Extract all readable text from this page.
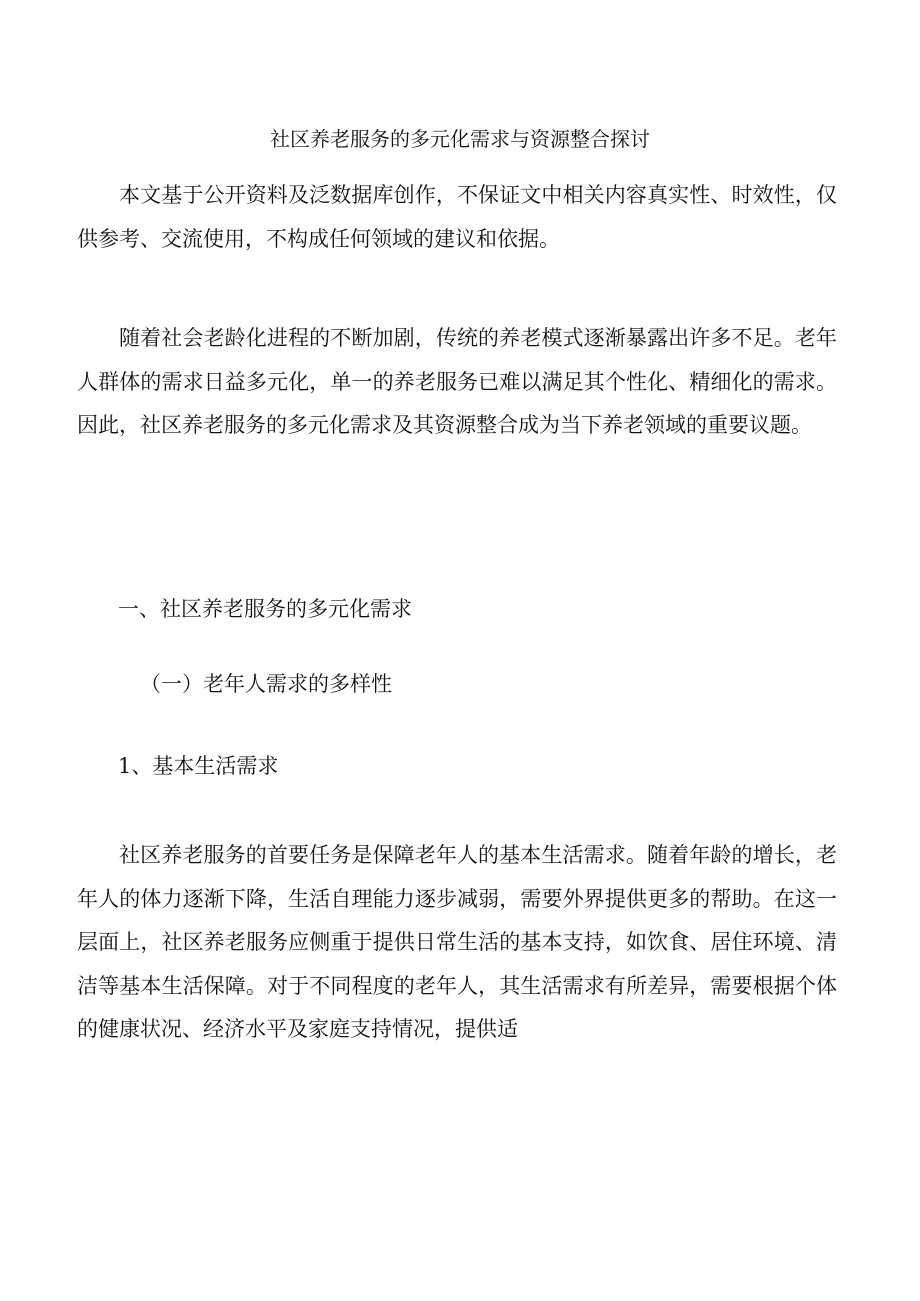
社区养老服务的多元化需求与资源整合探讨

本文基于公开资料及泛数据库创作，不保证文中相关内容真实性、时效性，仅供参考、交流使用，不构成任何领域的建议和依据。

随着社会老龄化进程的不断加剧，传统的养老模式逐渐暴露出许多不足。老年人群体的需求日益多元化，单一的养老服务已难以满足其个性化、精细化的需求。因此，社区养老服务的多元化需求及其资源整合成为当下养老领域的重要议题。

一、社区养老服务的多元化需求
（一）老年人需求的多样性
1、基本生活需求

社区养老服务的首要任务是保障老年人的基本生活需求。随着年龄的增长，老年人的体力逐渐下降，生活自理能力逐步减弱，需要外界提供更多的帮助。在这一层面上，社区养老服务应侧重于提供日常生活的基本支持，如饮食、居住环境、清洁等基本生活保障。对于不同程度的老年人，其生活需求有所差异，需要根据个体的健康状况、经济水平及家庭支持情况，提供适
